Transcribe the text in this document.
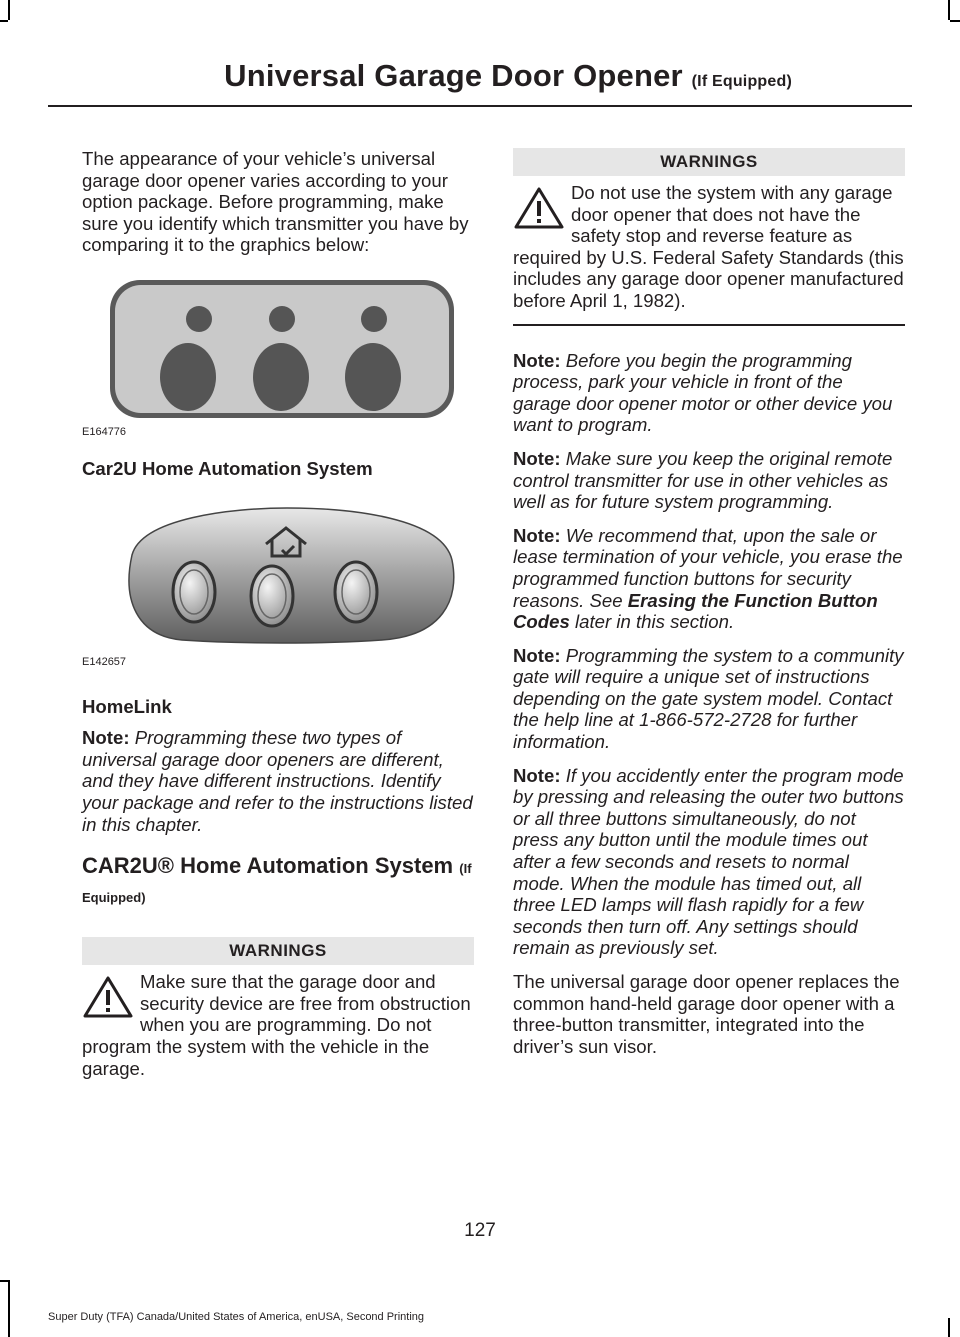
Universal Garage Door Opener (If Equipped)

The appearance of your vehicle’s universal garage door opener varies according to your option package. Before programming, make sure you identify which transmitter you have by comparing it to the graphics below:

E164776

Car2U Home Automation System

E142657

HomeLink

Note: Programming these two types of universal garage door openers are different, and they have different instructions. Identify your package and refer to the instructions listed in this chapter.

CAR2U® Home Automation System (If Equipped)
WARNINGS

Make sure that the garage door and security device are free from obstruction when you are programming. Do not program the system with the vehicle in the garage.

WARNINGS

Do not use the system with any garage door opener that does not have the safety stop and reverse feature as required by U.S. Federal Safety Standards (this includes any garage door opener manufactured before April 1, 1982).

Note: Before you begin the programming process, park your vehicle in front of the garage door opener motor or other device you want to program.

Note: Make sure you keep the original remote control transmitter for use in other vehicles as well as for future system programming.

Note: We recommend that, upon the sale or lease termination of your vehicle, you erase the programmed function buttons for security reasons. See Erasing the Function Button Codes later in this section.

Note: Programming the system to a community gate will require a unique set of instructions depending on the gate system model. Contact the help line at 1-866-572-2728 for further information.

Note: If you accidently enter the program mode by pressing and releasing the outer two buttons or all three buttons simultaneously, do not press any button until the module times out after a few seconds and resets to normal mode. When the module has timed out, all three LED lamps will flash rapidly for a few seconds then turn off. Any settings should remain as previously set.

The universal garage door opener replaces the common hand-held garage door opener with a three-button transmitter, integrated into the driver’s sun visor.

127
Super Duty (TFA) Canada/United States of America, enUSA, Second Printing
